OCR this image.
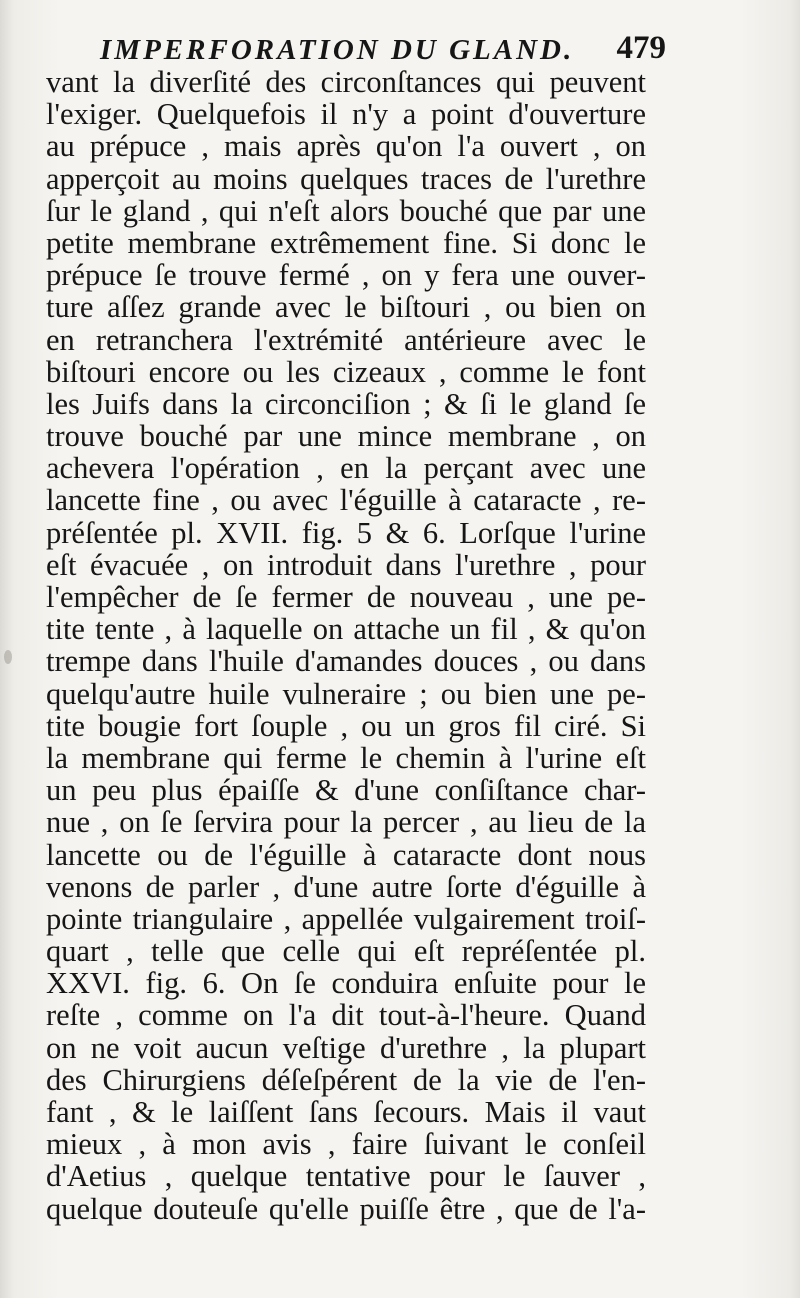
IMPERFORATION DU GLAND. 479
vant la diverſité des circonſtances qui peuvent
l'exiger. Quelquefois il n'y a point d'ouverture
au prépuce , mais après qu'on l'a ouvert , on
apperçoit au moins quelques traces de l'urethre
ſur le gland , qui n'eſt alors bouché que par une
petite membrane extrêmement fine. Si donc le
prépuce ſe trouve fermé , on y fera une ouver-
ture aſſez grande avec le biſtouri , ou bien on
en retranchera l'extrémité antérieure avec le
biſtouri encore ou les cizeaux , comme le font
les Juifs dans la circonciſion ; & ſi le gland ſe
trouve bouché par une mince membrane , on
achevera l'opération , en la perçant avec une
lancette fine , ou avec l'éguille à cataracte , re-
préſentée pl. XVII. fig. 5 & 6. Lorſque l'urine
eſt évacuée , on introduit dans l'urethre , pour
l'empêcher de ſe fermer de nouveau , une pe-
tite tente , à laquelle on attache un fil , & qu'on
trempe dans l'huile d'amandes douces , ou dans
quelqu'autre huile vulneraire ; ou bien une pe-
tite bougie fort ſouple , ou un gros fil ciré. Si
la membrane qui ferme le chemin à l'urine eſt
un peu plus épaiſſe & d'une conſiſtance char-
nue , on ſe ſervira pour la percer , au lieu de la
lancette ou de l'éguille à cataracte dont nous
venons de parler , d'une autre ſorte d'éguille à
pointe triangulaire , appellée vulgairement troiſ-
quart , telle que celle qui eſt repréſentée pl.
XXVI. fig. 6. On ſe conduira enſuite pour le
reſte , comme on l'a dit tout-à-l'heure. Quand
on ne voit aucun veſtige d'urethre , la plupart
des Chirurgiens déſeſpérent de la vie de l'en-
fant , & le laiſſent ſans ſecours. Mais il vaut
mieux , à mon avis , faire ſuivant le conſeil
d'Aetius , quelque tentative pour le ſauver ,
quelque douteuſe qu'elle puiſſe être , que de l'a-
